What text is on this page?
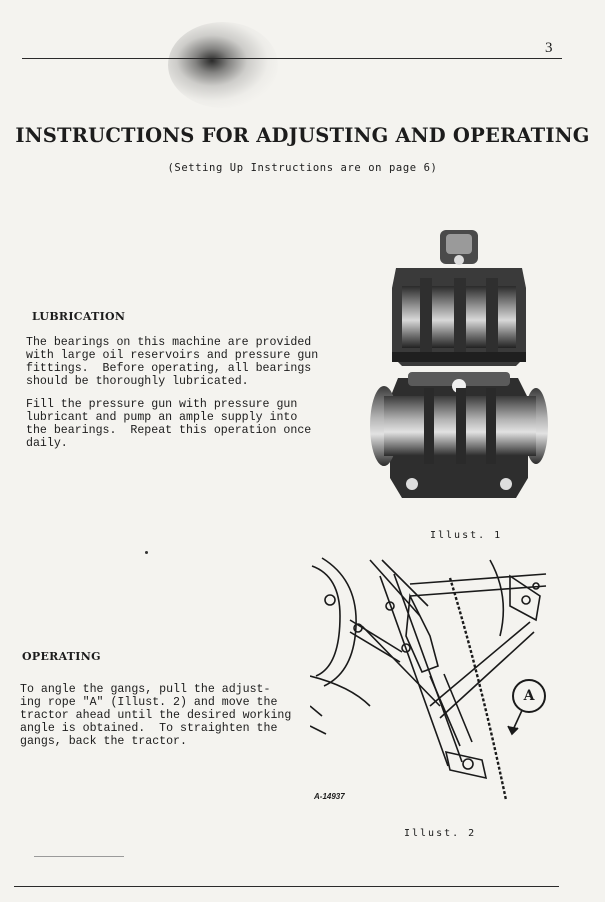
3
INSTRUCTIONS FOR ADJUSTING AND OPERATING
(Setting Up Instructions are on page 6)
LUBRICATION
The bearings on this machine are provided
with large oil reservoirs and pressure gun
fittings.  Before operating, all bearings
should be thoroughly lubricated.
Fill the pressure gun with pressure gun
lubricant and pump an ample supply into
the bearings.  Repeat this operation once
daily.
Illust. 1
OPERATING
To angle the gangs, pull the adjust-
ing rope "A" (Illust. 2) and move the
tractor ahead until the desired working
angle is obtained.  To straighten the
gangs, back the tractor.
A
A-14937
Illust. 2
